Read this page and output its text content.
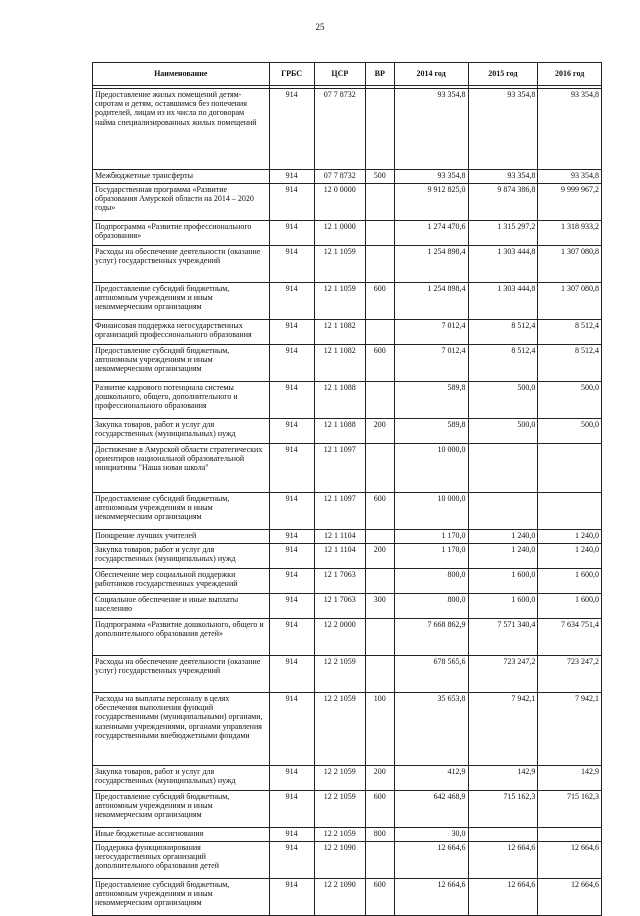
25
Наименование	ГРБС	ЦСР	ВР	2014 год	2015 год	2016 год

Предоставление жилых помещений детям-сиротам и детям, оставшимся без попечения родителей, лицам из их числа по договорам найма специализированных жилых помещений	914	07 7 8732		93 354,8	93 354,8	93 354,8
Межбюджетные трансферты	914	07 7 8732	500	93 354,8	93 354,8	93 354,8
Государственная программа «Развитие образования Амурской области на 2014 – 2020 годы»	914	12 0 0000		9 912 825,0	9 874 386,8	9 999 967,2
Подпрограмма «Развитие профессионального образования»	914	12 1 0000		1 274 470,6	1 315 297,2	1 318 933,2
Расходы на обеспечение деятельности (оказание услуг) государственных учреждений	914	12 1 1059		1 254 898,4	1 303 444,8	1 307 080,8
Предоставление субсидий бюджетным, автономным учреждениям и иным некоммерческим организациям	914	12 1 1059	600	1 254 898,4	1 303 444,8	1 307 080,8
Финансовая поддержка негосударственных организаций профессионального образования	914	12 1 1082		7 012,4	8 512,4	8 512,4
Предоставление субсидий бюджетным, автономным учреждениям и иным некоммерческим организациям	914	12 1 1082	600	7 012,4	8 512,4	8 512,4
Развитие кадрового потенциала системы дошкольного, общего, дополнительного и профессионального образования	914	12 1 1088		589,8	500,0	500,0
Закупка товаров, работ и услуг для государственных (муниципальных) нужд	914	12 1 1088	200	589,8	500,0	500,0
Достижение в Амурской области стратегических ориентиров национальной образовательной инициативы "Наша новая школа"	914	12 1 1097		10 000,0		
Предоставление субсидий бюджетным, автономным учреждениям и иным некоммерческим организациям	914	12 1 1097	600	10 000,0		
Поощрение лучших учителей	914	12 1 1104		1 170,0	1 240,0	1 240,0
Закупка товаров, работ и услуг для государственных (муниципальных) нужд	914	12 1 1104	200	1 170,0	1 240,0	1 240,0
Обеспечение мер социальной поддержки работников государственных учреждений	914	12 1 7063		800,0	1 600,0	1 600,0
Социальное обеспечение и иные выплаты населению	914	12 1 7063	300	800,0	1 600,0	1 600,0
Подпрограмма «Развитие дошкольного, общего и дополнительного образования детей»	914	12 2 0000		7 668 862,9	7 571 340,4	7 634 751,4
Расходы на обеспечение деятельности (оказание услуг) государственных учреждений	914	12 2 1059		678 565,6	723 247,2	723 247,2
Расходы на выплаты персоналу в целях обеспечения выполнения функций государственными (муниципальными) органами, казенными учреждениями, органами управления государственными внебюджетными фондами	914	12 2 1059	100	35 653,8	7 942,1	7 942,1
Закупка товаров, работ и услуг для государственных (муниципальных) нужд	914	12 2 1059	200	412,9	142,9	142,9
Предоставление субсидий бюджетным, автономным учреждениям и иным некоммерческим организациям	914	12 2 1059	600	642 468,9	715 162,3	715 162,3
Иные бюджетные ассигнования	914	12 2 1059	800	30,0		
Поддержка функционирования негосударственных организаций дополнительного образования детей	914	12 2 1090		12 664,6	12 664,6	12 664,6
Предоставление субсидий бюджетным, автономным учреждениям и иным некоммерческим организациям	914	12 2 1090	600	12 664,6	12 664,6	12 664,6
